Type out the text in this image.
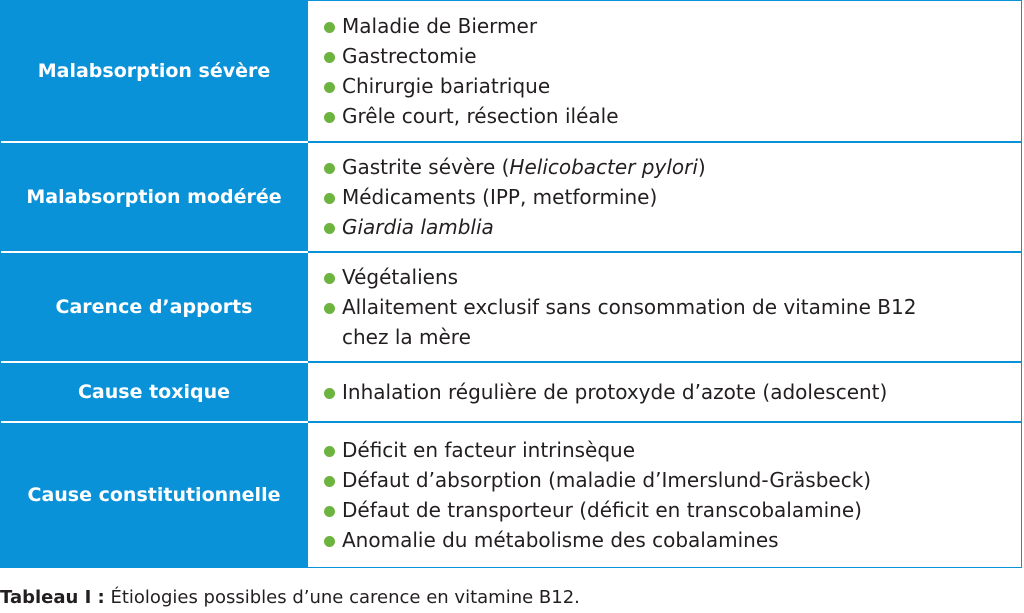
Malabsorption sévère
Maladie de Biermer
Gastrectomie
Chirurgie bariatrique
Grêle court, résection iléale
Malabsorption modérée
Gastrite sévère (Helicobacter pylori)
Médicaments (IPP, metformine)
Giardia lamblia
Carence d’apports
Végétaliens
Allaitement exclusif sans consommation de vitamine B12
chez la mère
Cause toxique	Inhalation régulière de protoxyde d’azote (adolescent)
Cause constitutionnelle
Déficit en facteur intrinsèque
Défaut d’absorption (maladie d’Imerslund-Gräsbeck)
Défaut de transporteur (déficit en transcobalamine)
Anomalie du métabolisme des cobalamines
Tableau I : Étiologies possibles d’une carence en vitamine B12.
